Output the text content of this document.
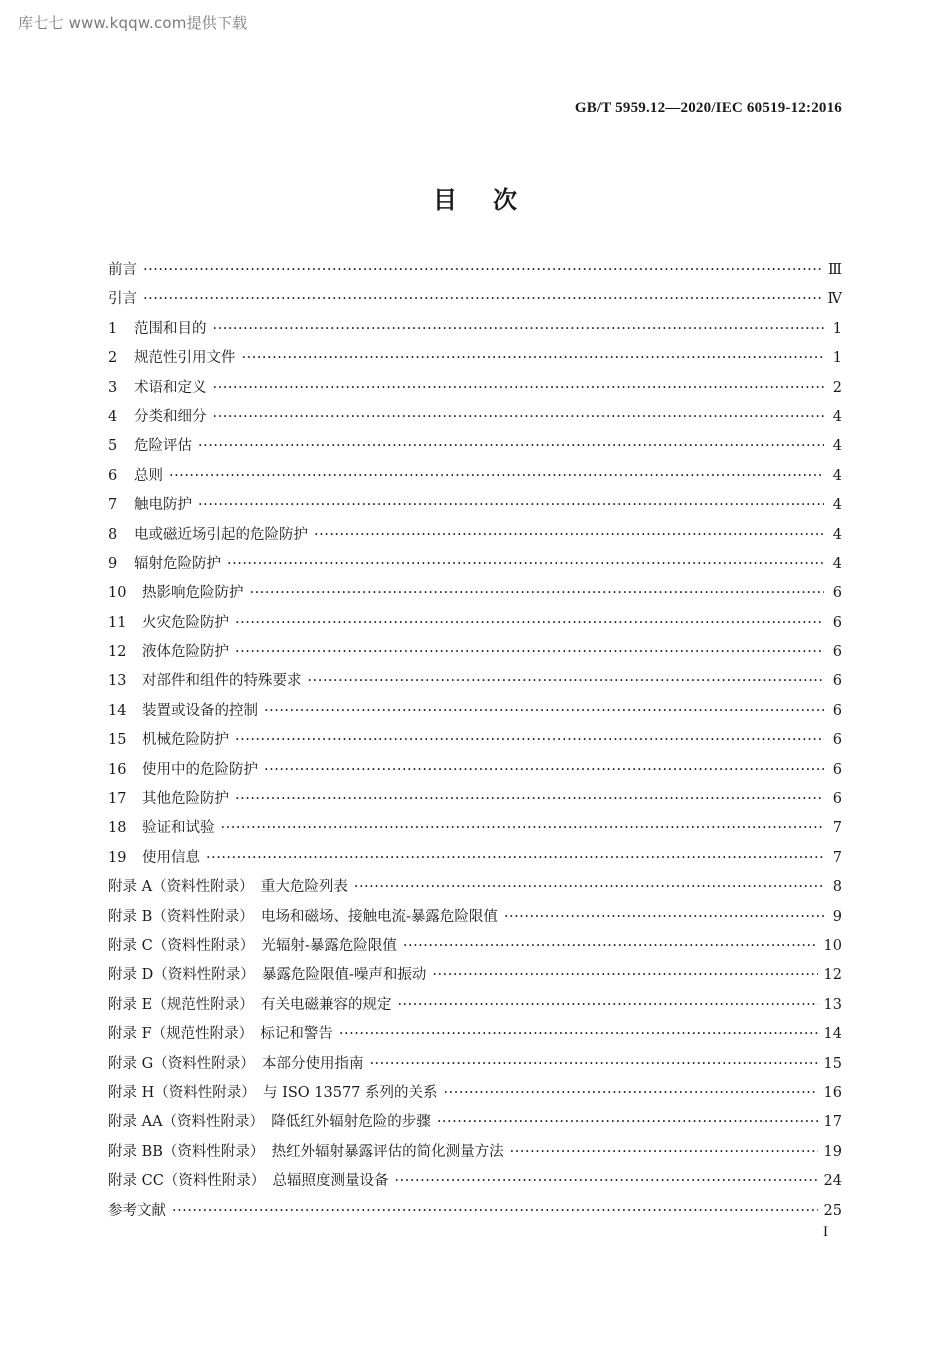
库七七 www.kqqw.com提供下载
GB/T 5959.12—2020/IEC 60519-12:2016
目次
前言 ·····	Ⅲ
引言 ·····	Ⅳ
1	范围和目的 ·····	1
2	规范性引用文件 ·····	1
3	术语和定义 ·····	2
4	分类和细分 ·····	4
5	危险评估 ·····	4
6	总则 ·····	4
7	触电防护 ·····	4
8	电或磁近场引起的危险防护 ·····	4
9	辐射危险防护 ·····	4
10	热影响危险防护 ·····	6
11	火灾危险防护 ·····	6
12	液体危险防护 ·····	6
13	对部件和组件的特殊要求 ·····	6
14	装置或设备的控制 ·····	6
15	机械危险防护 ·····	6
16	使用中的危险防护 ·····	6
17	其他危险防护 ·····	6
18	验证和试验 ·····	7
19	使用信息 ·····	7
附录 A（资料性附录）　重大危险列表 ·····	8
附录 B（资料性附录）　电场和磁场、接触电流-暴露危险限值 ·····	9
附录 C（资料性附录）　光辐射-暴露危险限值 ·····	10
附录 D（资料性附录）　暴露危险限值-噪声和振动 ·····	12
附录 E（规范性附录）　有关电磁兼容的规定 ·····	13
附录 F（规范性附录）　标记和警告 ·····	14
附录 G（资料性附录）　本部分使用指南 ·····	15
附录 H（资料性附录）　与 ISO 13577 系列的关系 ·····	16
附录 AA（资料性附录）　降低红外辐射危险的步骤 ·····	17
附录 BB（资料性附录）　热红外辐射暴露评估的简化测量方法 ·····	19
附录 CC（资料性附录）　总辐照度测量设备 ·····	24
参考文献 ·····	25
I
